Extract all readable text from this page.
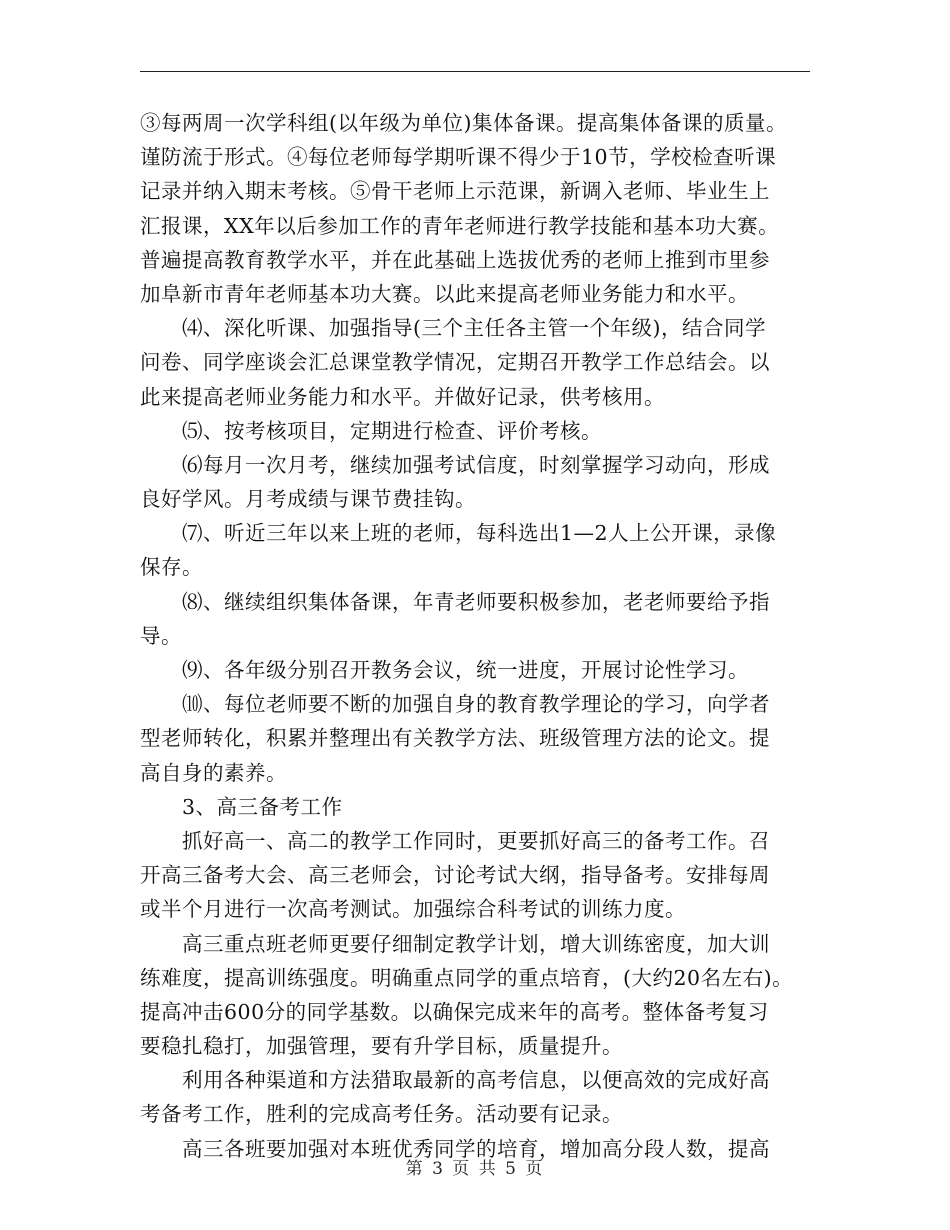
③每两周一次学科组(以年级为单位)集体备课。提高集体备课的质量。
谨防流于形式。④每位老师每学期听课不得少于10节，学校检查听课
记录并纳入期末考核。⑤骨干老师上示范课，新调入老师、毕业生上
汇报课，XX年以后参加工作的青年老师进行教学技能和基本功大赛。
普遍提高教育教学水平，并在此基础上选拔优秀的老师上推到市里参
加阜新市青年老师基本功大赛。以此来提高老师业务能力和水平。
⑷、深化听课、加强指导(三个主任各主管一个年级)，结合同学
问卷、同学座谈会汇总课堂教学情况，定期召开教学工作总结会。以
此来提高老师业务能力和水平。并做好记录，供考核用。
⑸、按考核项目，定期进行检查、评价考核。
⑹每月一次月考，继续加强考试信度，时刻掌握学习动向，形成
良好学风。月考成绩与课节费挂钩。
⑺、听近三年以来上班的老师，每科选出1—2人上公开课，录像
保存。
⑻、继续组织集体备课，年青老师要积极参加，老老师要给予指
导。
⑼、各年级分别召开教务会议，统一进度，开展讨论性学习。
⑽、每位老师要不断的加强自身的教育教学理论的学习，向学者
型老师转化，积累并整理出有关教学方法、班级管理方法的论文。提
高自身的素养。
3、高三备考工作
抓好高一、高二的教学工作同时，更要抓好高三的备考工作。召
开高三备考大会、高三老师会，讨论考试大纲，指导备考。安排每周
或半个月进行一次高考测试。加强综合科考试的训练力度。
高三重点班老师更要仔细制定教学计划，增大训练密度，加大训
练难度，提高训练强度。明确重点同学的重点培育，(大约20名左右)。
提高冲击600分的同学基数。以确保完成来年的高考。整体备考复习
要稳扎稳打，加强管理，要有升学目标，质量提升。
利用各种渠道和方法猎取最新的高考信息，以便高效的完成好高
考备考工作，胜利的完成高考任务。活动要有记录。
高三各班要加强对本班优秀同学的培育，增加高分段人数，提高
第 3 页 共 5 页
